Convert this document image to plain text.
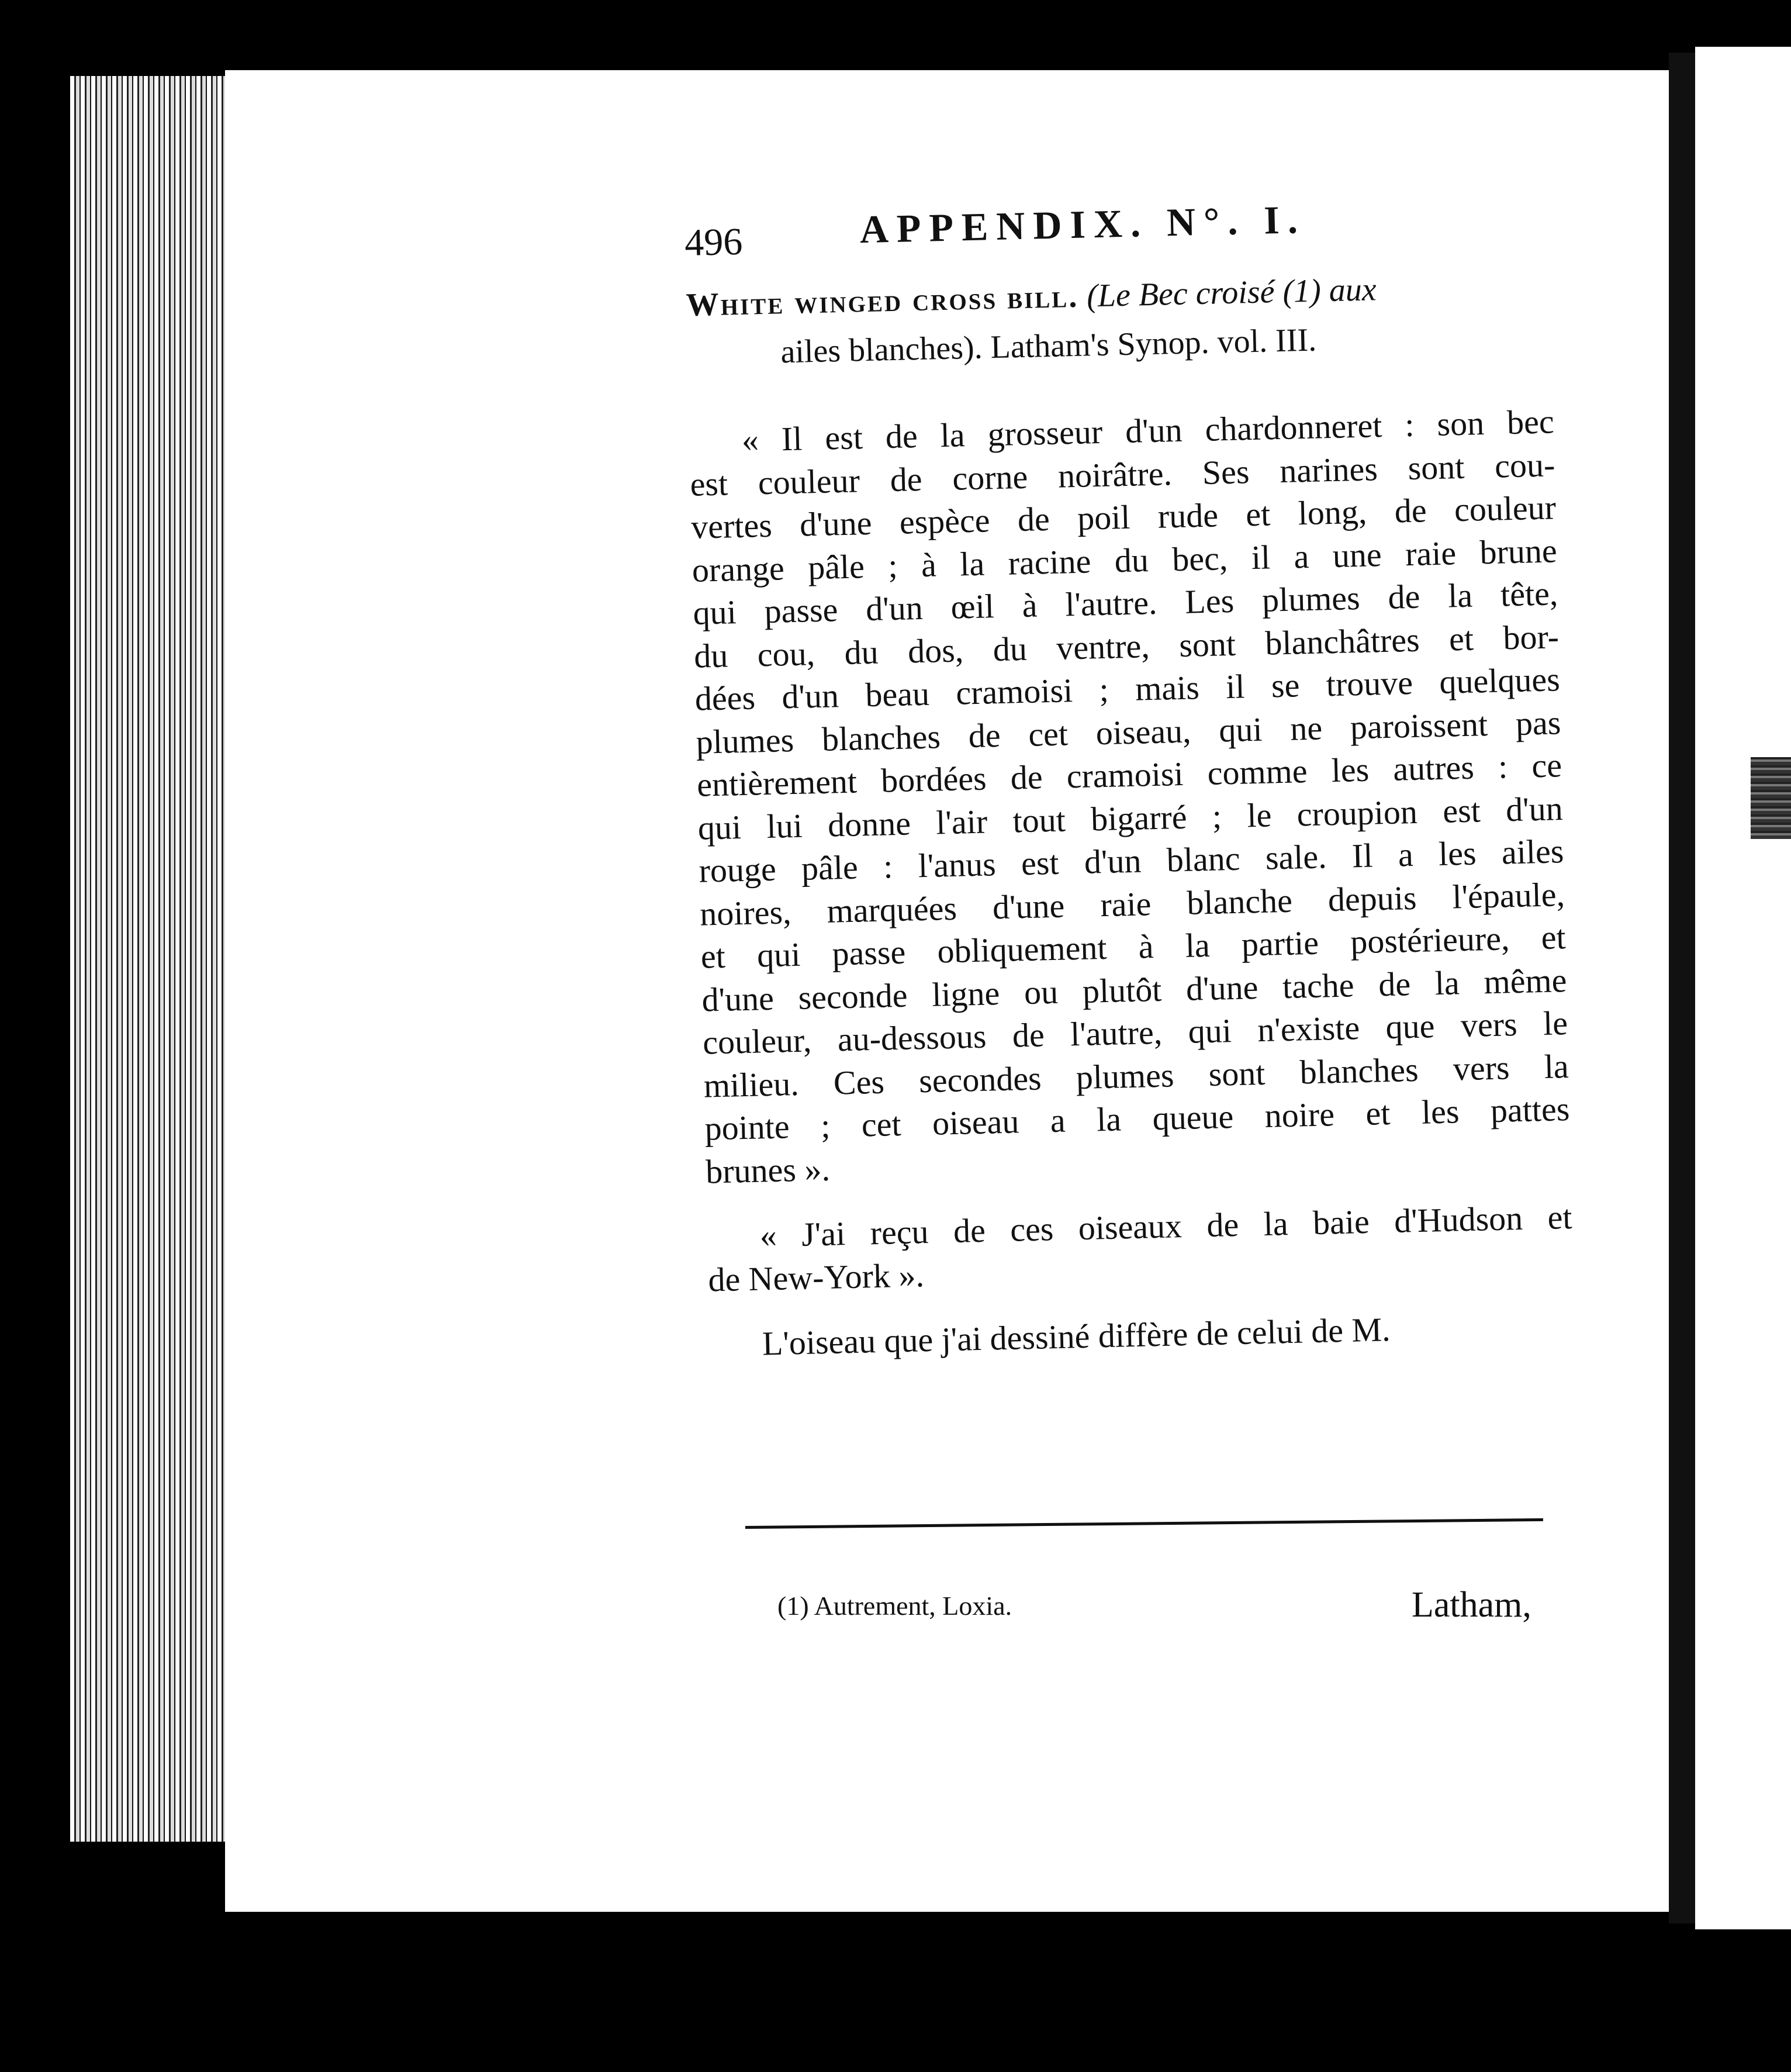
496	APPENDIX. N°. I.
White winged cross bill. (Le Bec croisé (1) aux
ailes blanches). Latham's Synop. vol. III.
« Il est de la grosseur d'un chardonneret : son bec
est couleur de corne noirâtre. Ses narines sont cou-
vertes d'une espèce de poil rude et long, de couleur
orange pâle ; à la racine du bec, il a une raie brune
qui passe d'un œil à l'autre. Les plumes de la tête,
du cou, du dos, du ventre, sont blanchâtres et bor-
dées d'un beau cramoisi ; mais il se trouve quelques
plumes blanches de cet oiseau, qui ne paroissent pas
entièrement bordées de cramoisi comme les autres : ce
qui lui donne l'air tout bigarré ; le croupion est d'un
rouge pâle : l'anus est d'un blanc sale. Il a les ailes
noires, marquées d'une raie blanche depuis l'épaule,
et qui passe obliquement à la partie postérieure, et
d'une seconde ligne ou plutôt d'une tache de la même
couleur, au-dessous de l'autre, qui n'existe que vers le
milieu. Ces secondes plumes sont blanches vers la
pointe ; cet oiseau a la queue noire et les pattes
brunes ».
« J'ai reçu de ces oiseaux de la baie d'Hudson et
de New-York ».
L'oiseau que j'ai dessiné diffère de celui de M.
(1) Autrement, Loxia.	Latham,
